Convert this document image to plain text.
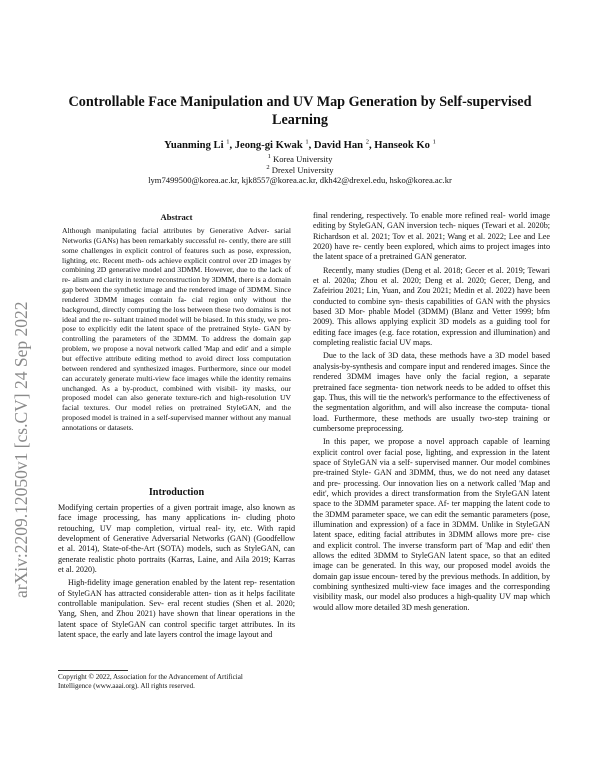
arXiv:2209.12050v1 [cs.CV] 24 Sep 2022
Controllable Face Manipulation and UV Map Generation by Self-supervised
Learning
Yuanming Li $^1$, Jeong-gi Kwak $^1$, David Han $^2$, Hanseok Ko $^1$
$^1$ Korea University
$^2$ Drexel University
lym7499500@korea.ac.kr, kjk8557@korea.ac.kr, dkh42@drexel.edu, hsko@korea.ac.kr
Abstract

Although manipulating facial attributes by Generative Adver- sarial Networks (GANs) has been remarkably successful re- cently, there are still some challenges in explicit control of features such as pose, expression, lighting, etc. Recent meth- ods achieve explicit control over 2D images by combining 2D generative model and 3DMM. However, due to the lack of re- alism and clarity in texture reconstruction by 3DMM, there is a domain gap between the synthetic image and the rendered image of 3DMM. Since rendered 3DMM images contain fa- cial region only without the background, directly computing the loss between these two domains is not ideal and the re- sultant trained model will be biased. In this study, we pro- pose to explicitly edit the latent space of the pretrained Style- GAN by controlling the parameters of the 3DMM. To address the domain gap problem, we propose a noval network called 'Map and edit' and a simple but effective attribute editing method to avoid direct loss computation between rendered and synthesized images. Furthermore, since our model can accurately generate multi-view face images while the identity remains unchanged. As a by-product, combined with visibil- ity masks, our proposed model can also generate texture-rich and high-resolution UV facial textures. Our model relies on pretrained StyleGAN, and the proposed model is trained in a self-supervised manner without any manual annotations or datasets.

Introduction

Modifying certain properties of a given portrait image, also known as face image processing, has many applications in- cluding photo retouching, UV map completion, virtual real- ity, etc. With rapid development of Generative Adversarial Networks (GAN) (Goodfellow et al. 2014), State-of-the-Art (SOTA) models, such as StyleGAN, can generate realistic photo portraits (Karras, Laine, and Aila 2019; Karras et al. 2020).

High-fidelity image generation enabled by the latent rep- resentation of StyleGAN has attracted considerable atten- tion as it helps facilitate controllable manipulation. Sev- eral recent studies (Shen et al. 2020; Yang, Shen, and Zhou 2021) have shown that linear operations in the latent space of StyleGAN can control specific target attributes. In its latent space, the early and late layers control the image layout and

Copyright © 2022, Association for the Advancement of Artificial
Intelligence (www.aaai.org). All rights reserved.

final rendering, respectively. To enable more refined real- world image editing by StyleGAN, GAN inversion tech- niques (Tewari et al. 2020b; Richardson et al. 2021; Tov et al. 2021; Wang et al. 2022; Lee and Lee 2020) have re- cently been explored, which aims to project images into the latent space of a pretrained GAN generator.

Recently, many studies (Deng et al. 2018; Gecer et al. 2019; Tewari et al. 2020a; Zhou et al. 2020; Deng et al. 2020; Gecer, Deng, and Zafeiriou 2021; Lin, Yuan, and Zou 2021; Medin et al. 2022) have been conducted to combine syn- thesis capabilities of GAN with the physics based 3D Mor- phable Model (3DMM) (Blanz and Vetter 1999; bfm 2009). This allows applying explicit 3D models as a guiding tool for editing face images (e.g. face rotation, expression and illumination) and completing realistic facial UV maps.

Due to the lack of 3D data, these methods have a 3D model based analysis-by-synthesis and compare input and rendered images. Since the rendered 3DMM images have only the facial region, a separate pretrained face segmenta- tion network needs to be added to offset this gap. Thus, this will tie the network's performance to the effectiveness of the segmentation algorithm, and will also increase the computa- tional load. Furthermore, these methods are usually two-step training or cumbersome preprocessing.

In this paper, we propose a novel approach capable of learning explicit control over facial pose, lighting, and expression in the latent space of StyleGAN via a self- supervised manner. Our model combines pre-trained Style- GAN and 3DMM, thus, we do not need any dataset and pre- processing. Our innovation lies on a network called 'Map and edit', which provides a direct transformation from the StyleGAN latent space to the 3DMM parameter space. Af- ter mapping the latent code to the 3DMM parameter space, we can edit the semantic parameters (pose, illumination and expression) of a face in 3DMM. Unlike in StyleGAN latent space, editing facial attributes in 3DMM allows more pre- cise and explicit control. The inverse transform part of 'Map and edit' then allows the edited 3DMM to StyleGAN latent space, so that an edited image can be generated. In this way, our proposed model avoids the domain gap issue encoun- tered by the previous methods. In addition, by combining synthesized multi-view face images and the corresponding visibility mask, our model also produces a high-quality UV map which would allow more detailed 3D mesh generation.
